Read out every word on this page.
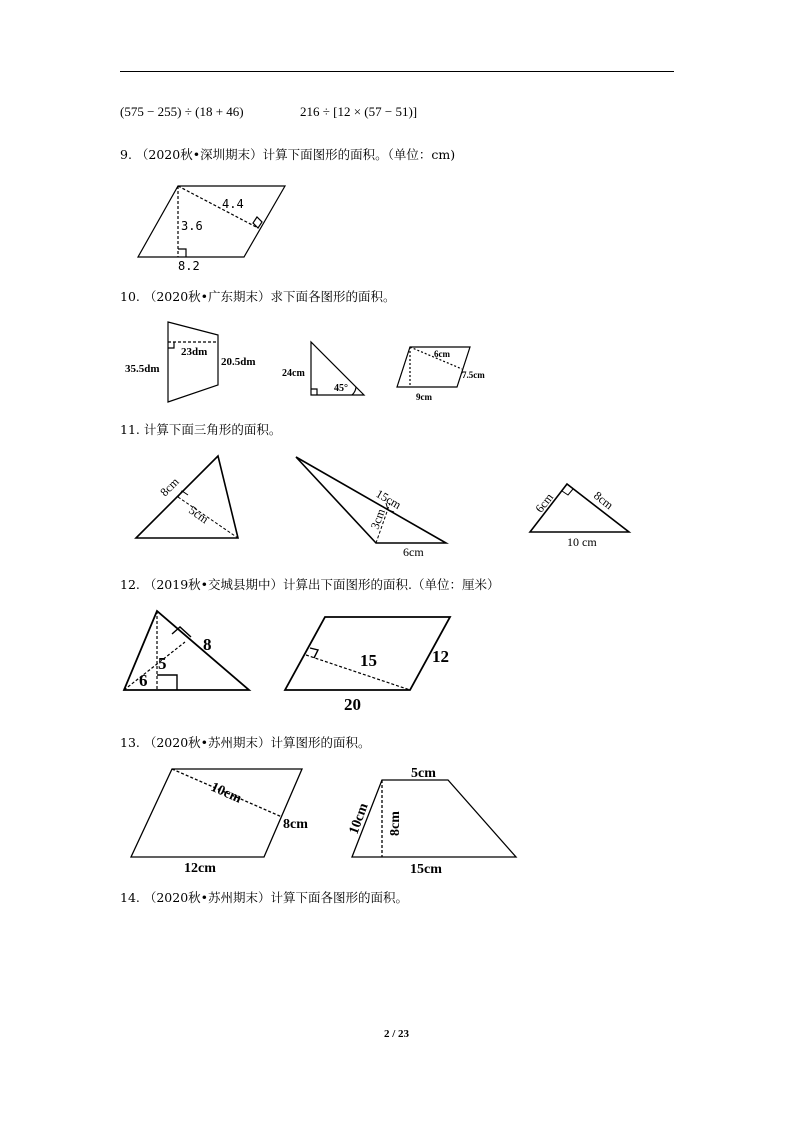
(575 − 255) ÷ (18 + 46)	216 ÷ [12 × (57 − 51)]
9. （2020秋•深圳期末）计算下面图形的面积。（单位：cm)
10. （2020秋•广东期末）求下面各图形的面积。
11. 计算下面三角形的面积。
12. （2019秋•交城县期中）计算出下面图形的面积.（单位：厘米）
13. （2020秋•苏州期末）计算图形的面积。
14. （2020秋•苏州期末）计算下面各图形的面积。
4.4
3.6
8.2
23dm
35.5dm
20.5dm
24cm
45°
6cm
7.5cm
9cm
8cm
5cm
15cm
3cm
6cm
6cm	8cm
10 cm
8
5
6
15	12
20
10cm
8cm
12cm
5cm
10cm 8cm
15cm
2 / 23
